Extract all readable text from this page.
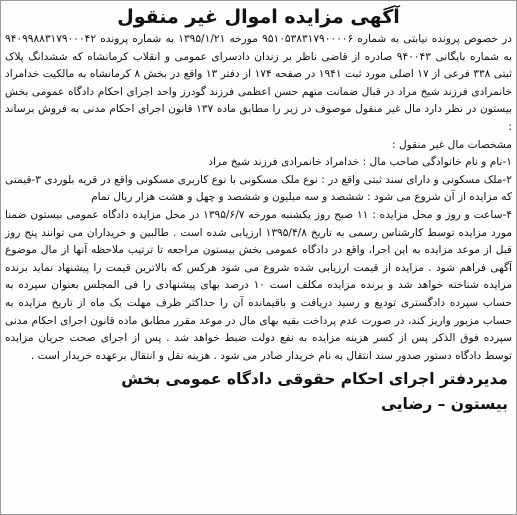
آگهی مزایده اموال غیر منقول

در خصوص پرونده نیابتی به شماره ۹۵۱۰۵۳۸۳۱۷۹۰۰۰۰۶ مورخه ۱۳۹۵/۱/۲۱ به شماره پرونده ۹۴۰۹۹۸۸۳۱۷۹۰۰۰۴۲ به شماره بایگانی ۹۴۰۰۴۳ صادره از قاضی ناظر بر زندان دادسرای عمومی و انقلاب کرمانشاه که ششدانگ پلاک ثبتی ۳۳۸ فرعی از ۱۷ اصلی مورد ثبت ۱۹۴۱ در صفحه ۱۷۴ از دفتر ۱۳ واقع در بخش ۸ کرمانشاه به مالکیت خدامراد خانمرادی فرزند شیخ مراد در قبال ضمانت متهم حسن اعظمی فرزند گودرز واحد اجرای احکام دادگاه عمومی بخش بیستون در نظر دارد مال غیر منقول موصوف در زیر را مطابق ماده ۱۳۷ قانون اجرای احکام مدنی به فروش برساند :

مشخصات مال غیر منقول :

۱-نام و نام خانوادگی صاحب مال : خدامراد خانمرادی فرزند شیخ مراد

۲-ملک مسکونی و دارای سند ثبتی واقع در : نوع ملک مسکونی با نوع کاربری مسکونی واقع در قریه بلوردی ۳-قیمتی که مزایده از آن شروع می شود : ششصد و سه میلیون و ششصد و چهل و هشت هزار ریال تمام

۴-ساعت و روز و محل مزایده : ۱۱ صبح روز یکشنبه مورخه ۱۳۹۵/۶/۷ در محل مزایده دادگاه عمومی بیستون ضمنا مورد مزایده توسط کارشناس رسمی به تاریخ ۱۳۹۵/۴/۸ ارزیابی شده است . طالبین و خریداران می توانند پنج روز قبل از موعد مزایده به این اجرا، واقع در دادگاه عمومی بخش بیستون مراجعه تا ترتیب ملاحظه آنها از مال موضوع آگهی فراهم شود . مزایده از قیمت ارزیابی شده شروع می شود هرکس که بالاترین قیمت را پیشنهاد نماید برنده مزایده شناخته خواهد شد و برنده مزایده مکلف است ۱۰ درصد بهای پیشنهادی را فی المجلس بعنوان سپرده به حساب سپرده دادگستری تودیع و رسید دریافت و باقیمانده آن را حداکثر ظرف مهلت یک ماه از تاریخ مزایده به حساب مزبور واریز کند، در صورت عدم پرداخت بقیه بهای مال در موعد مقرر مطابق ماده قانون اجرای احکام مدنی سپرده فوق الذکر پس از کسر هزینه مزایده به نفع دولت ضبط خواهد شد . پس از اجرای صحت جریان مزایده توسط دادگاه دستور صدور سند انتقال به نام خریدار صادر می شود . هزینه نقل و انتقال برعهده خریدار است .

مدیردفتر اجرای احکام حقوقی دادگاه عمومی بخش
بیستون – رضایی
